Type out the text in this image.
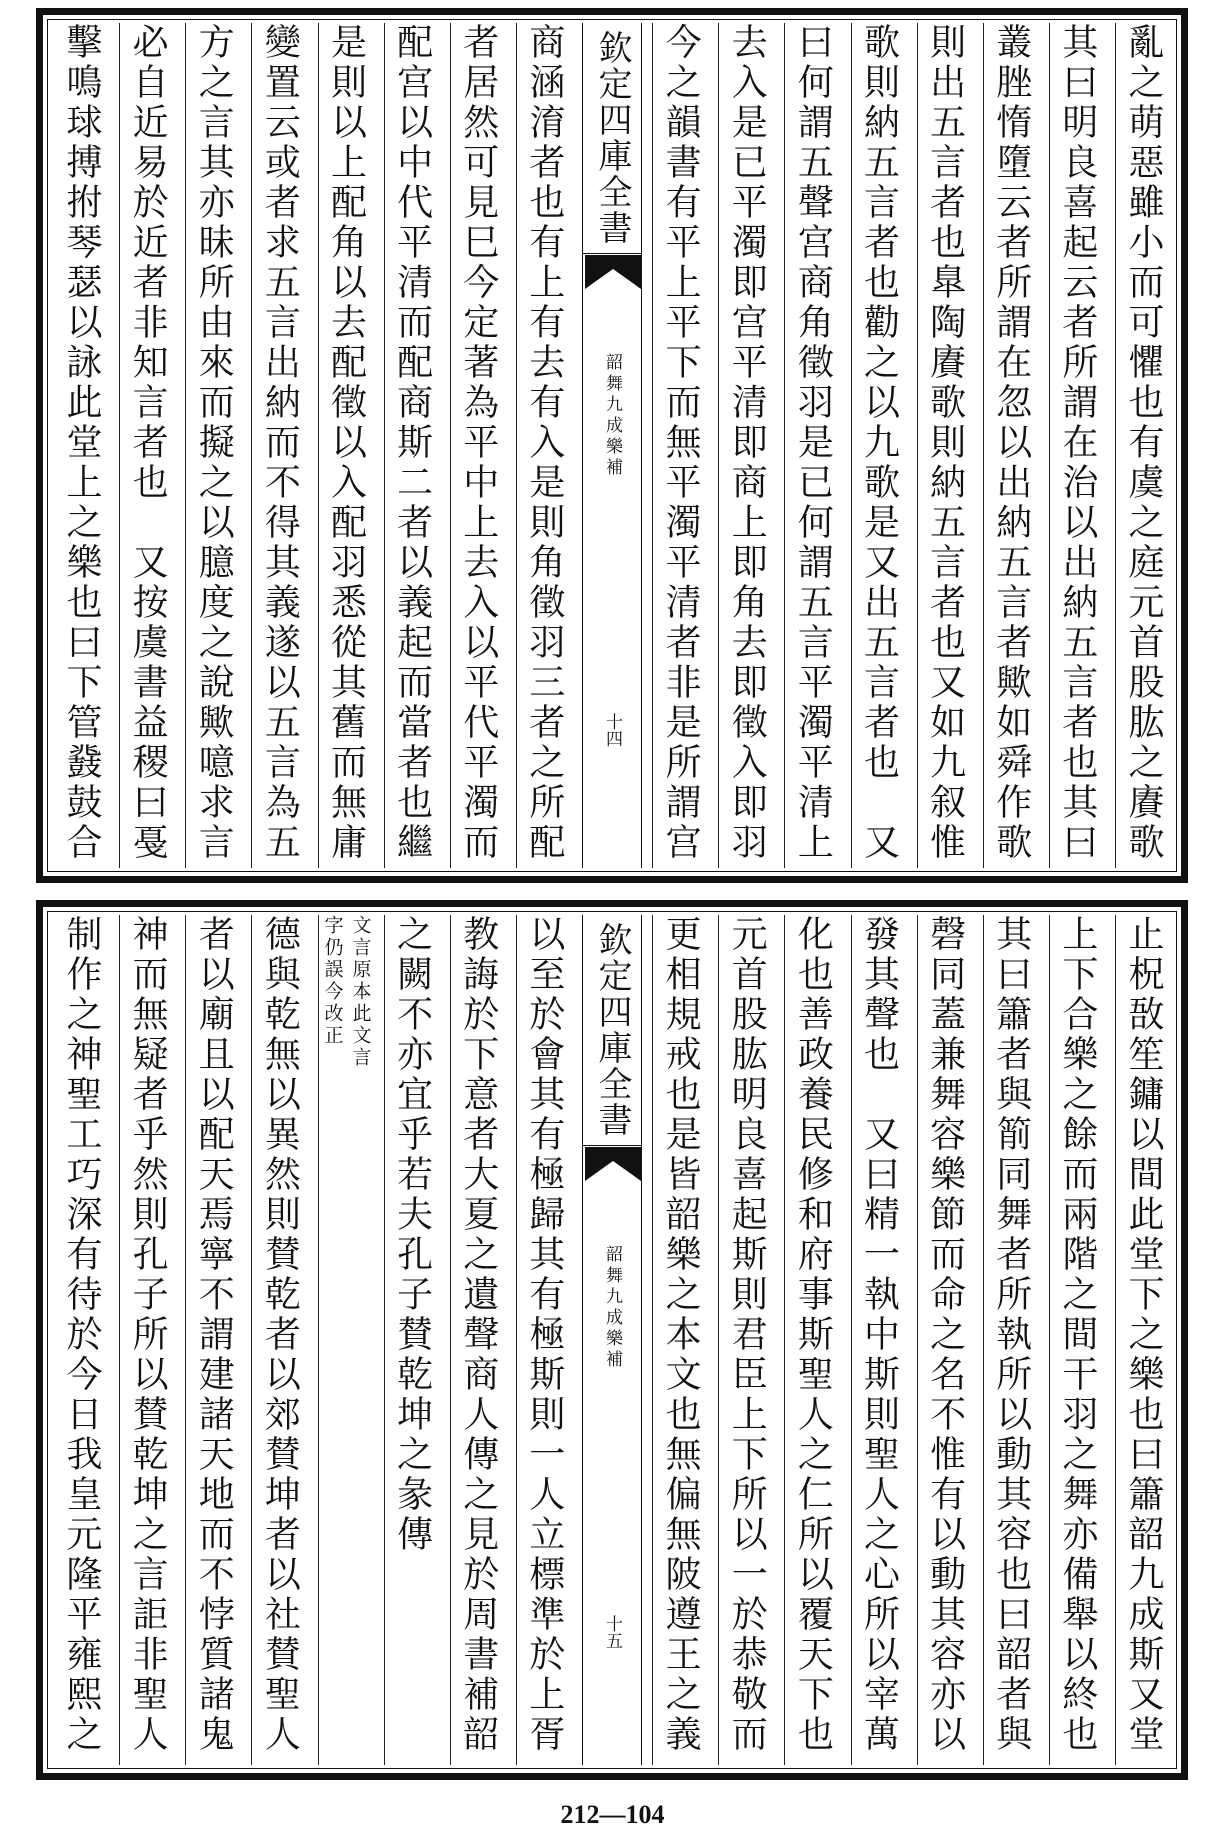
亂之萌惡雖小而可懼也有虞之庭元首股肱之賡歌
其曰明良喜起云者所謂在治以出納五言者也其曰
叢脞惰墮云者所謂在忽以出納五言者歟如舜作歌
則出五言者也臯陶賡歌則納五言者也又如九叙惟
歌則納五言者也勸之以九歌是又出五言者也　又
曰何謂五聲宫商角徵羽是已何謂五言平濁平清上
去入是已平濁即宫平清即商上即角去即徵入即羽
今之韻書有平上平下而無平濁平清者非是所謂宫
欽定四庫全書
韶舞九成樂補
十四
商涵淯者也有上有去有入是則角徵羽三者之所配
者居然可見巳今定著為平中上去入以平代平濁而
配宫以中代平清而配商斯二者以義起而當者也繼
是則以上配角以去配徵以入配羽悉從其舊而無庸
變置云或者求五言出納而不得其義遂以五言為五
方之言其亦昧所由來而擬之以臆度之說歟噫求言
必自近易於近者非知言者也　又按虞書益稷曰戞
擊鳴球搏拊琴瑟以詠此堂上之樂也曰下管鼗鼓合
止柷敔笙鏞以間此堂下之樂也曰簫韶九成斯又堂
上下合樂之餘而兩階之間干羽之舞亦備舉以終也
其曰簫者與箾同舞者所執所以動其容也曰韶者與
磬同蓋兼舞容樂節而命之名不惟有以動其容亦以
發其聲也　又曰精一執中斯則聖人之心所以宰萬
化也善政養民修和府事斯聖人之仁所以覆天下也
元首股肱明良喜起斯則君臣上下所以一於恭敬而
更相規戒也是皆韶樂之本文也無偏無陂遵王之義
欽定四庫全書
韶舞九成樂補
十五
以至於會其有極歸其有極斯則一人立標準於上胥
教誨於下意者大夏之遺聲商人傳之見於周書補韶
之闕不亦宜乎若夫孔子賛乾坤之彖傳
文言原本此文言
字仍誤今改正
德與乾無以異然則賛乾者以郊賛坤者以社賛聖人
者以廟且以配天焉寧不謂建諸天地而不悖質諸鬼
神而無疑者乎然則孔子所以賛乾坤之言詎非聖人
制作之神聖工巧深有待於今日我皇元隆平雍熙之
212—104
